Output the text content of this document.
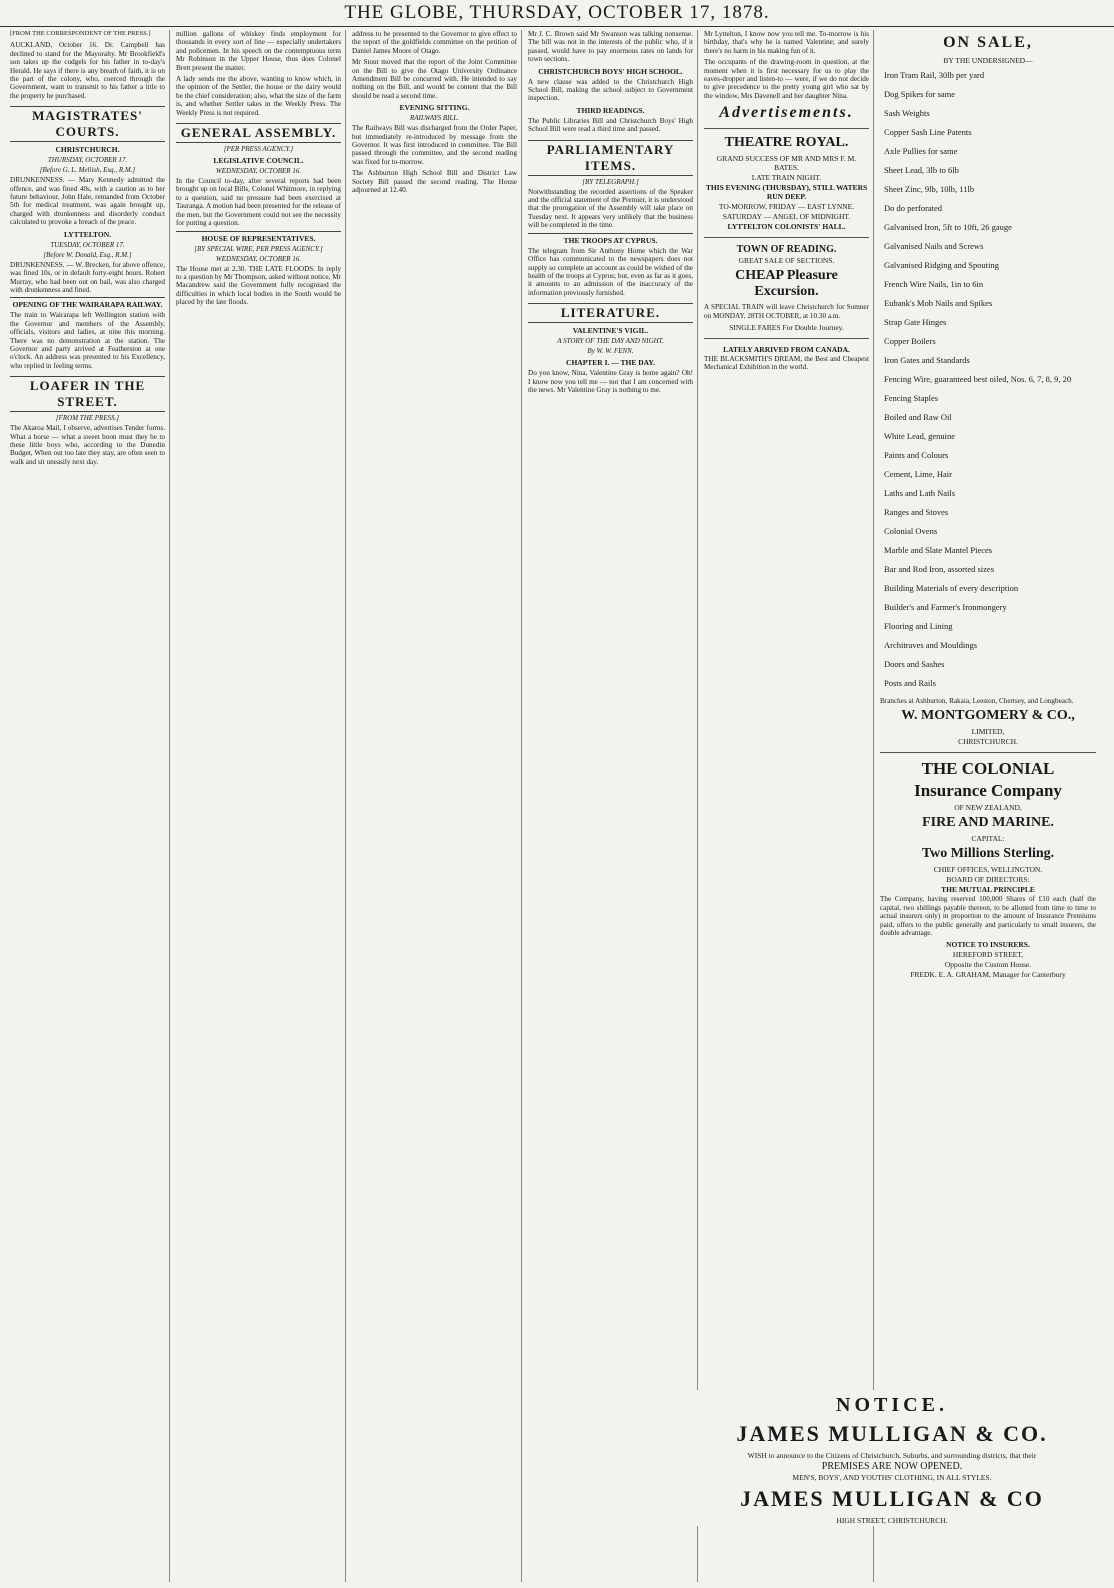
THE GLOBE, THURSDAY, OCTOBER 17, 1878.

[FROM THE CORRESPONDENT OF THE PRESS.]

AUCKLAND, October 16. Dr. Campbell has declined to stand for the Mayoralty. Mr Brookfield's son takes up the cudgels for his father in to-day's Herald. He says if there is any breath of faith, it is on the part of the colony, who, coerced through the Government, want to transmit to his father a title to the property he purchased.

MAGISTRATES' COURTS.
CHRISTCHURCH.
THURSDAY, OCTOBER 17.
[Before G. L. Mellish, Esq., R.M.]

DRUNKENNESS. — Mary Kennedy admitted the offence, and was fined 40s, with a caution as to her future behaviour. John Hale, remanded from October 5th for medical treatment, was again brought up, charged with drunkenness and disorderly conduct calculated to provoke a breach of the peace.

LYTTELTON.
TUESDAY, OCTOBER 17.
[Before W. Donald, Esq., R.M.]

DRUNKENNESS. — W. Brecken, for above offence, was fined 10s, or in default forty-eight hours. Robert Murray, who had been out on bail, was also charged with drunkenness and fined.

OPENING OF THE WAIRARAPA RAILWAY.

The train to Wairarapa left Wellington station with the Governor and members of the Assembly, officials, visitors and ladies, at nine this morning. There was no demonstration at the station. The Governor and party arrived at Featherston at one o'clock. An address was presented to his Excellency, who replied in feeling terms.

LOAFER IN THE STREET.
[FROM THE PRESS.]

The Akaroa Mail, I observe, advertises Tender forms. What a horse — what a sweet boon must they be to these little boys who, according to the Dunedin Budget, When out too late they stay, are often seen to walk and sit uneasily next day.

million gallons of whiskey finds employment for thousands in every sort of line — especially undertakers and policemen. In his speech on the contemptuous term Mr Robinson in the Upper House, thus does Colonel Brett present the matter.

A lady sends me the above, wanting to know which, in the opinion of the Settler, the house or the dairy would be the chief consideration; also, what the size of the farm is, and whether Settler takes in the Weekly Press. The Weekly Press is not required.

GENERAL ASSEMBLY.
[PER PRESS AGENCY.]
LEGISLATIVE COUNCIL.
WEDNESDAY, OCTOBER 16.

In the Council to-day, after several reports had been brought up on local Bills, Colonel Whitmore, in replying to a question, said no pressure had been exercised at Tauranga. A motion had been presented for the release of the men, but the Government could not see the necessity for putting a question.

HOUSE OF REPRESENTATIVES.
[BY SPECIAL WIRE, PER PRESS AGENCY.]
WEDNESDAY, OCTOBER 16.

The House met at 2.30. THE LATE FLOODS. In reply to a question by Mr Thompson, asked without notice, Mr Macandrew said the Government fully recognised the difficulties in which local bodies in the South would be placed by the late floods.

address to be presented to the Governor to give effect to the report of the goldfields committee on the petition of Daniel James Moore of Otago.

Mr Stout moved that the report of the Joint Committee on the Bill to give the Otago University Ordinance Amendment Bill be concurred with. He intended to say nothing on the Bill, and would be content that the Bill should be read a second time.

EVENING SITTING.
RAILWAYS BILL.

The Railways Bill was discharged from the Order Paper, but immediately re-introduced by message from the Governor. It was first introduced in committee. The Bill passed through the committee, and the second reading was fixed for to-morrow.

The Ashburton High School Bill and District Law Society Bill passed the second reading. The House adjourned at 12.40.

Mr J. C. Brown said Mr Swanson was talking nonsense. The bill was not in the interests of the public who, if it passed, would have to pay enormous rates on lands for town sections.

CHRISTCHURCH BOYS' HIGH SCHOOL.

A new clause was added to the Christchurch High School Bill, making the school subject to Government inspection.

THIRD READINGS.

The Public Libraries Bill and Christchurch Boys' High School Bill were read a third time and passed.

PARLIAMENTARY ITEMS.
[BY TELEGRAPH.]

Notwithstanding the recorded assertions of the Speaker and the official statement of the Premier, it is understood that the prorogation of the Assembly will take place on Tuesday next. It appears very unlikely that the business will be completed in the time.

THE TROOPS AT CYPRUS.

The telegram from Sir Anthony Home which the War Office has communicated to the newspapers does not supply so complete an account as could be wished of the health of the troops at Cyprus; but, even as far as it goes, it amounts to an admission of the inaccuracy of the information previously furnished.

LITERATURE.
VALENTINE'S VIGIL.
A STORY OF THE DAY AND NIGHT.
By W. W. FENN.
CHAPTER I. — THE DAY.

Do you know, Nina, Valentine Gray is home again? Oh! I know now you tell me — not that I am concerned with the news. Mr Valentine Gray is nothing to me.

Mr Lyttelton, I know now you tell me. To-morrow is his birthday, that's why he is named Valentine; and surely there's no harm in his making fun of it.

The occupants of the drawing-room in question, at the moment when it is first necessary for us to play the eaves-dropper and listen-to — were, if we do not decide to give precedence to the pretty young girl who sat by the window, Mrs Davenell and her daughter Nina.

Advertisements.
THEATRE ROYAL.
GRAND SUCCESS OF MR AND MRS F. M. BATES.
LATE TRAIN NIGHT.
THIS EVENING (THURSDAY), STILL WATERS RUN DEEP.
TO-MORROW, FRIDAY — EAST LYNNE.
SATURDAY — ANGEL OF MIDNIGHT.
LYTTELTON COLONISTS' HALL.
TOWN OF READING.
GREAT SALE OF SECTIONS.
CHEAP Pleasure Excursion.

A SPECIAL TRAIN will leave Christchurch for Sumner on MONDAY, 28TH OCTOBER, at 10.30 a.m.

SINGLE FARES For Double Journey.
LATELY ARRIVED FROM CANADA.

THE BLACKSMITH'S DREAM, the Best and Cheapest Mechanical Exhibition in the world.

ON SALE,
BY THE UNDERSIGNED—
Iron Tram Rail, 30lb per yard
Dog Spikes for same
Sash Weights
Copper Sash Line Patents
Axle Pullies for same
Sheet Lead, 3lb to 6lb
Sheet Zinc, 9lb, 10lb, 11lb
Do do perforated
Galvanised Iron, 5ft to 10ft, 26 gauge
Galvanised Nails and Screws
Galvanised Ridging and Spouting
French Wire Nails, 1in to 6in
Eubank's Mob Nails and Spikes
Strap Gate Hinges
Copper Boilers
Iron Gates and Standards
Fencing Wire, guaranteed best oiled, Nos. 6, 7, 8, 9, 20
Fencing Staples
Boiled and Raw Oil
White Lead, genuine
Paints and Colours
Cement, Lime, Hair
Laths and Lath Nails
Ranges and Stoves
Colonial Ovens
Marble and Slate Mantel Pieces
Bar and Rod Iron, assorted sizes
Building Materials of every description
Builder's and Farmer's Ironmongery
Flooring and Lining
Architraves and Mouldings
Doors and Sashes
Posts and Rails

Branches at Ashburton, Rakaia, Leeston, Chertsey, and Longbeach.

W. MONTGOMERY & CO.,
LIMITED,
CHRISTCHURCH.
THE COLONIAL
Insurance Company
OF NEW ZEALAND,
FIRE AND MARINE.
CAPITAL:
Two Millions Sterling.
CHIEF OFFICES, WELLINGTON.
BOARD OF DIRECTORS:
THE MUTUAL PRINCIPLE

The Company, having reserved 100,000 Shares of £10 each (half the capital, two shillings payable thereon, to be allotted from time to time to actual insurers only) in proportion to the amount of Insurance Premiums paid, offers to the public generally and particularly to small insurers, the double advantage.

NOTICE TO INSURERS.
HEREFORD STREET,
Opposite the Custom House.
FREDK. E. A. GRAHAM, Manager for Canterbury
NOTICE.
JAMES MULLIGAN & CO.
WISH to announce to the Citizens of Christchurch, Suburbs, and surrounding districts, that their
PREMISES ARE NOW OPENED.
MEN'S, BOYS', AND YOUTHS' CLOTHING, IN ALL STYLES.
JAMES MULLIGAN & CO
HIGH STREET, CHRISTCHURCH.
